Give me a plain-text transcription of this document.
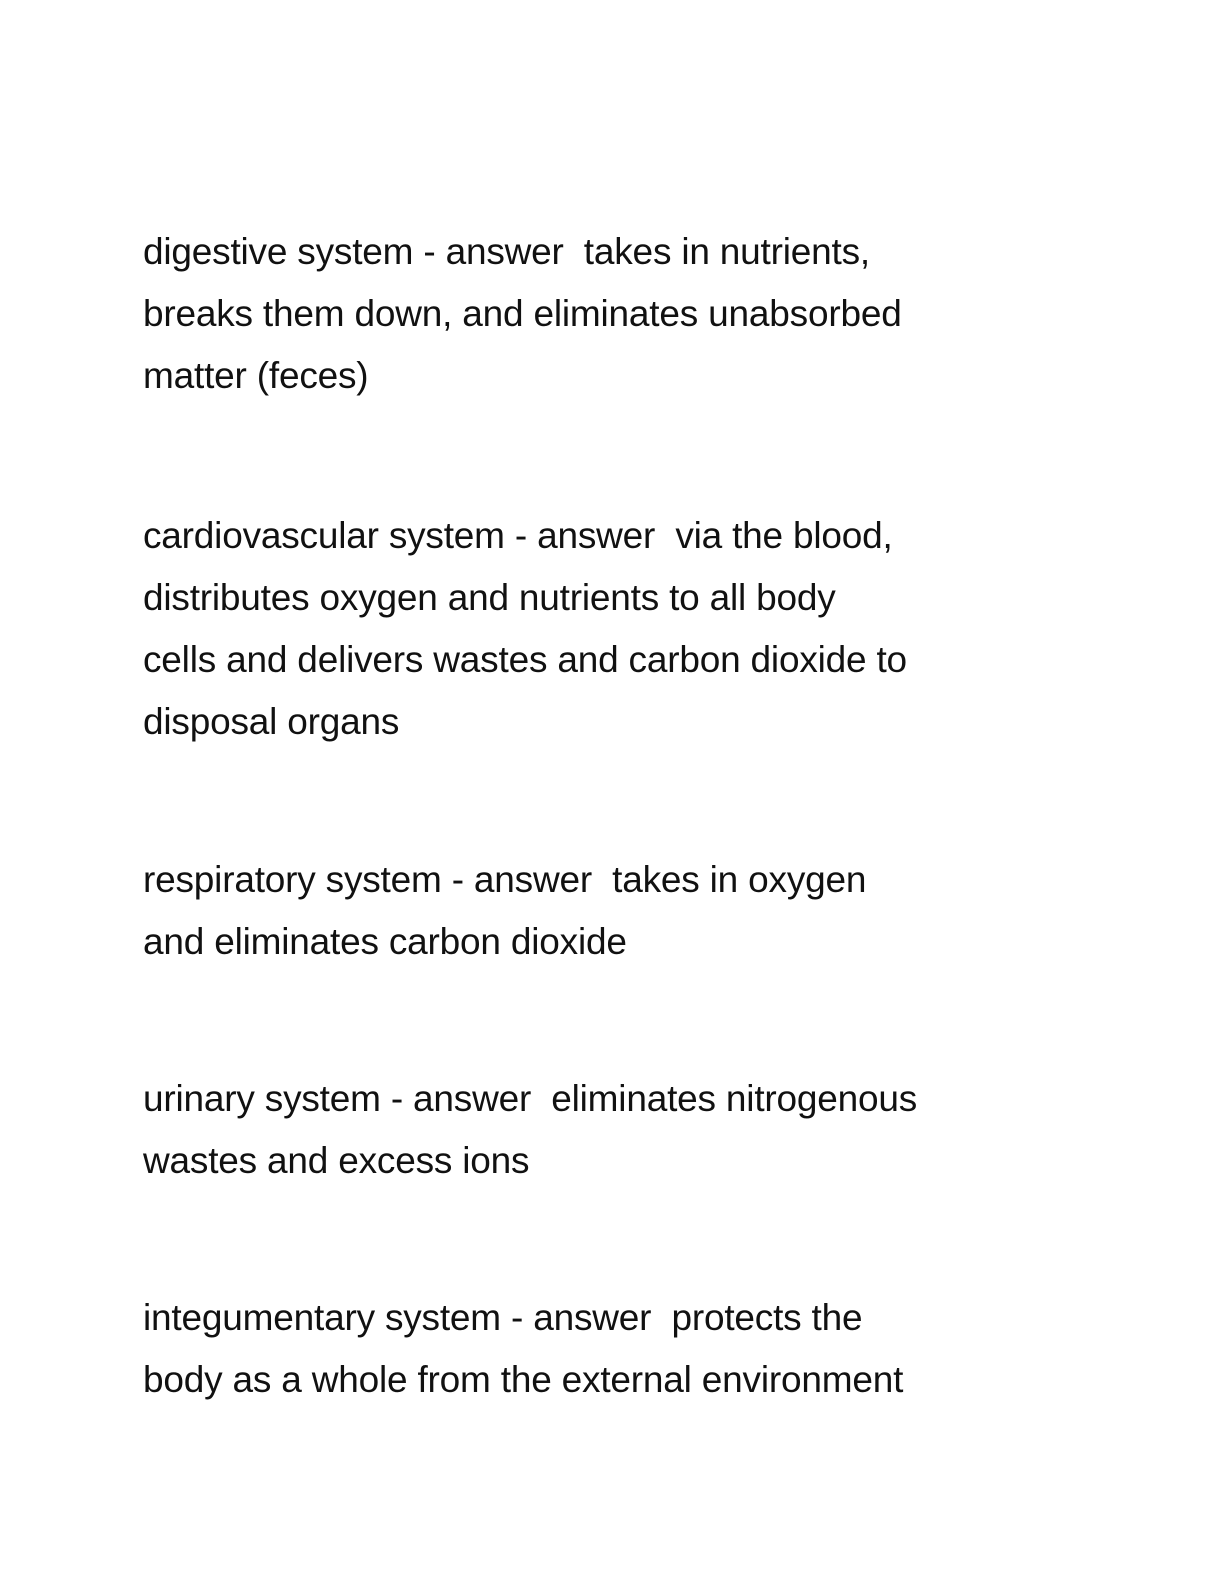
digestive system - answer  takes in nutrients,
breaks them down, and eliminates unabsorbed
matter (feces)

cardiovascular system - answer  via the blood,
distributes oxygen and nutrients to all body
cells and delivers wastes and carbon dioxide to
disposal organs

respiratory system - answer  takes in oxygen
and eliminates carbon dioxide

urinary system - answer  eliminates nitrogenous
wastes and excess ions

integumentary system - answer  protects the
body as a whole from the external environment
